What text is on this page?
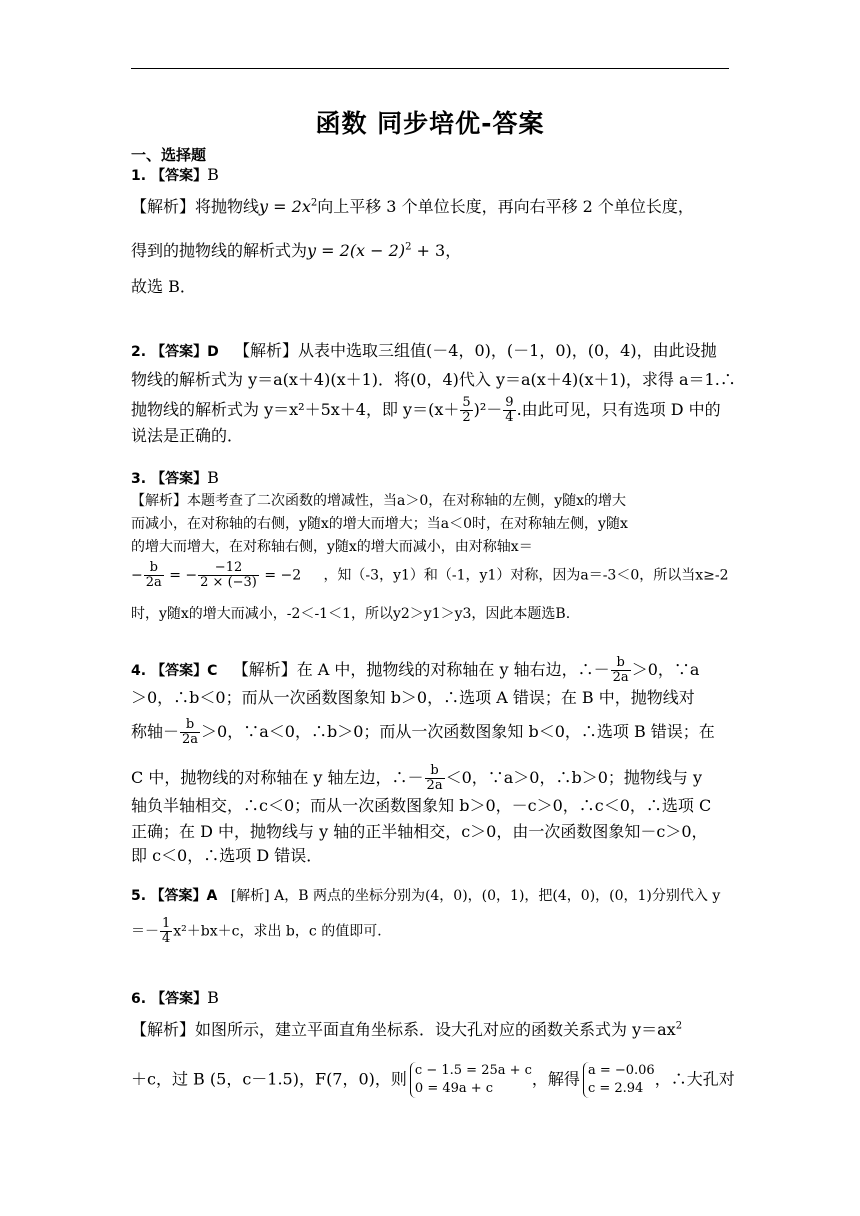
函数 同步培优-答案
一、选择题
1. 【答案】B
【解析】将抛物线$y = 2x^2$向上平移 3 个单位长度，再向右平移 2 个单位长度，
得到的抛物线的解析式为$y = 2(x - 2)^2 + 3$，
故选 B．
2. 【答案】D 【解析】从表中选取三组值(－4，0)，(－1，0)，(0，4)，由此设抛
物线的解析式为 y＝a(x＋4)(x＋1)．将(0，4)代入 y＝a(x＋4)(x＋1)，求得 a＝1.∴
抛物线的解析式为 y＝x²＋5x＋4，即 $y=(x+ \frac{5}{2} )^2- \frac{9}{4}$ .由此可见，只有选项 D 中的
说法是正确的．
3. 【答案】B
【解析】本题考查了二次函数的增减性，当a＞0，在对称轴的左侧，y随x的增大
而减小，在对称轴的右侧，y随x的增大而增大；当a＜0时，在对称轴左侧，y随x
的增大而增大，在对称轴右侧，y随x的增大而减小，由对称轴x＝
− $\frac{b}{2a}$ = − $\frac{-12}{2 \times (-3)} = -2$ ，知（-3，y1）和（-1，y1）对称，因为a＝-3＜0，所以当x≥-2
时，y随x的增大而减小，-2＜-1＜1，所以y2＞y1＞y3，因此本题选B.
4. 【答案】C 【解析】在 A 中，抛物线的对称轴在 y 轴右边，∴－ $\frac{b}{2a} >0$，∵a
＞0，∴b＜0；而从一次函数图象知 b＞0，∴选项 A 错误；在 B 中，抛物线对
称轴－ $\frac{b}{2a} >0$，∵a＜0，∴b＞0；而从一次函数图象知 b＜0，∴选项 B 错误；在
C 中，抛物线的对称轴在 y 轴左边，∴－ $\frac{b}{2a} <0$，∵a＞0，∴b＞0；抛物线与 y
轴负半轴相交，∴c＜0；而从一次函数图象知 b＞0，－c＞0，∴c＜0，∴选项 C
正确；在 D 中，抛物线与 y 轴的正半轴相交，c＞0，由一次函数图象知－c＞0，
即 c＜0，∴选项 D 错误．
5. 【答案】A [解析] A，B 两点的坐标分别为(4，0)，(0，1)，把(4，0)，(0，1)分别代入 y
＝－ $\frac{1}{4} x^2+bx+c$，求出 b，c 的值即可．
6. 【答案】B
【解析】如图所示，建立平面直角坐标系．设大孔对应的函数关系式为 $y=ax^2$
＋c，过 B (5，c－1.5)，F(7，0)，则 c − 1.5 = 25a + c
0 = 49a + c	，解得 a = −0.06
c = 2.94 ，∴大孔对
